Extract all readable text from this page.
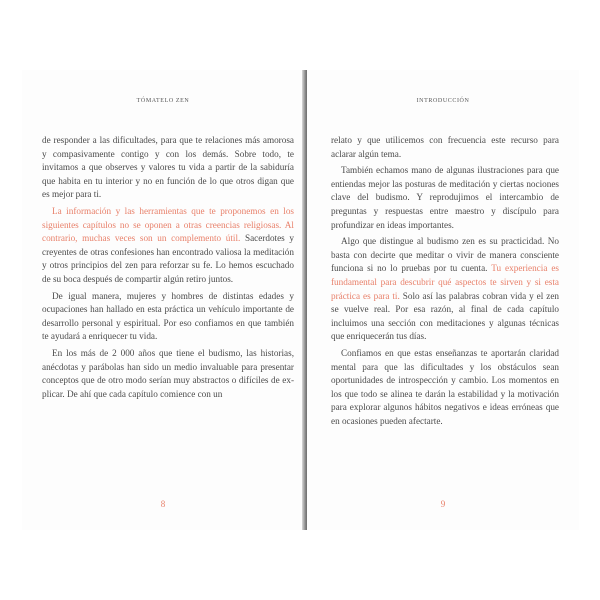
TÓMATELO ZEN

de responder a las dificultades, para que te relaciones más amorosa y compasivamente contigo y con los demás. Sobre todo, te invitamos a que observes y valores tu vida a partir de la sabiduría que habita en tu interior y no en función de lo que otros digan que es mejor para ti.

La información y las herramientas que te proponemos en los siguientes capítulos no se oponen a otras creencias religiosas. Al contrario, muchas veces son un complemento útil. Sacerdotes y creyentes de otras confesiones han encontrado valiosa la meditación y otros principios del zen para reforzar su fe. Lo hemos escuchado de su boca después de compartir algún retiro juntos.

De igual manera, mujeres y hombres de distintas edades y ocupaciones han hallado en esta práctica un vehículo importante de desarrollo personal y espiritual. Por eso confiamos en que también te ayudará a enriquecer tu vida.

En los más de 2 000 años que tiene el budismo, las historias, anécdotas y parábolas han sido un medio invaluable para presentar conceptos que de otro modo serían muy abstractos o difíciles de explicar. De ahí que cada capítulo comience con un

8
INTRODUCCIÓN

relato y que utilicemos con frecuencia este recurso para aclarar algún tema.

También echamos mano de algunas ilustraciones para que entiendas mejor las posturas de meditación y ciertas nociones clave del budismo. Y reprodujimos el intercambio de preguntas y respuestas entre maestro y discípulo para profundizar en ideas importantes.

Algo que distingue al budismo zen es su practicidad. No basta con decirte que meditar o vivir de manera consciente funciona si no lo pruebas por tu cuenta. Tu experiencia es fundamental para descubrir qué aspectos te sirven y si esta práctica es para ti. Solo así las palabras cobran vida y el zen se vuelve real. Por esa razón, al final de cada capítulo incluimos una sección con meditaciones y algunas técnicas que enriquecerán tus días.

Confiamos en que estas enseñanzas te aportarán claridad mental para que las dificultades y los obstáculos sean oportunidades de introspección y cambio. Los momentos en los que todo se alinea te darán la estabilidad y la motivación para explorar algunos hábitos negativos e ideas erróneas que en ocasiones pueden afectarte.

9
